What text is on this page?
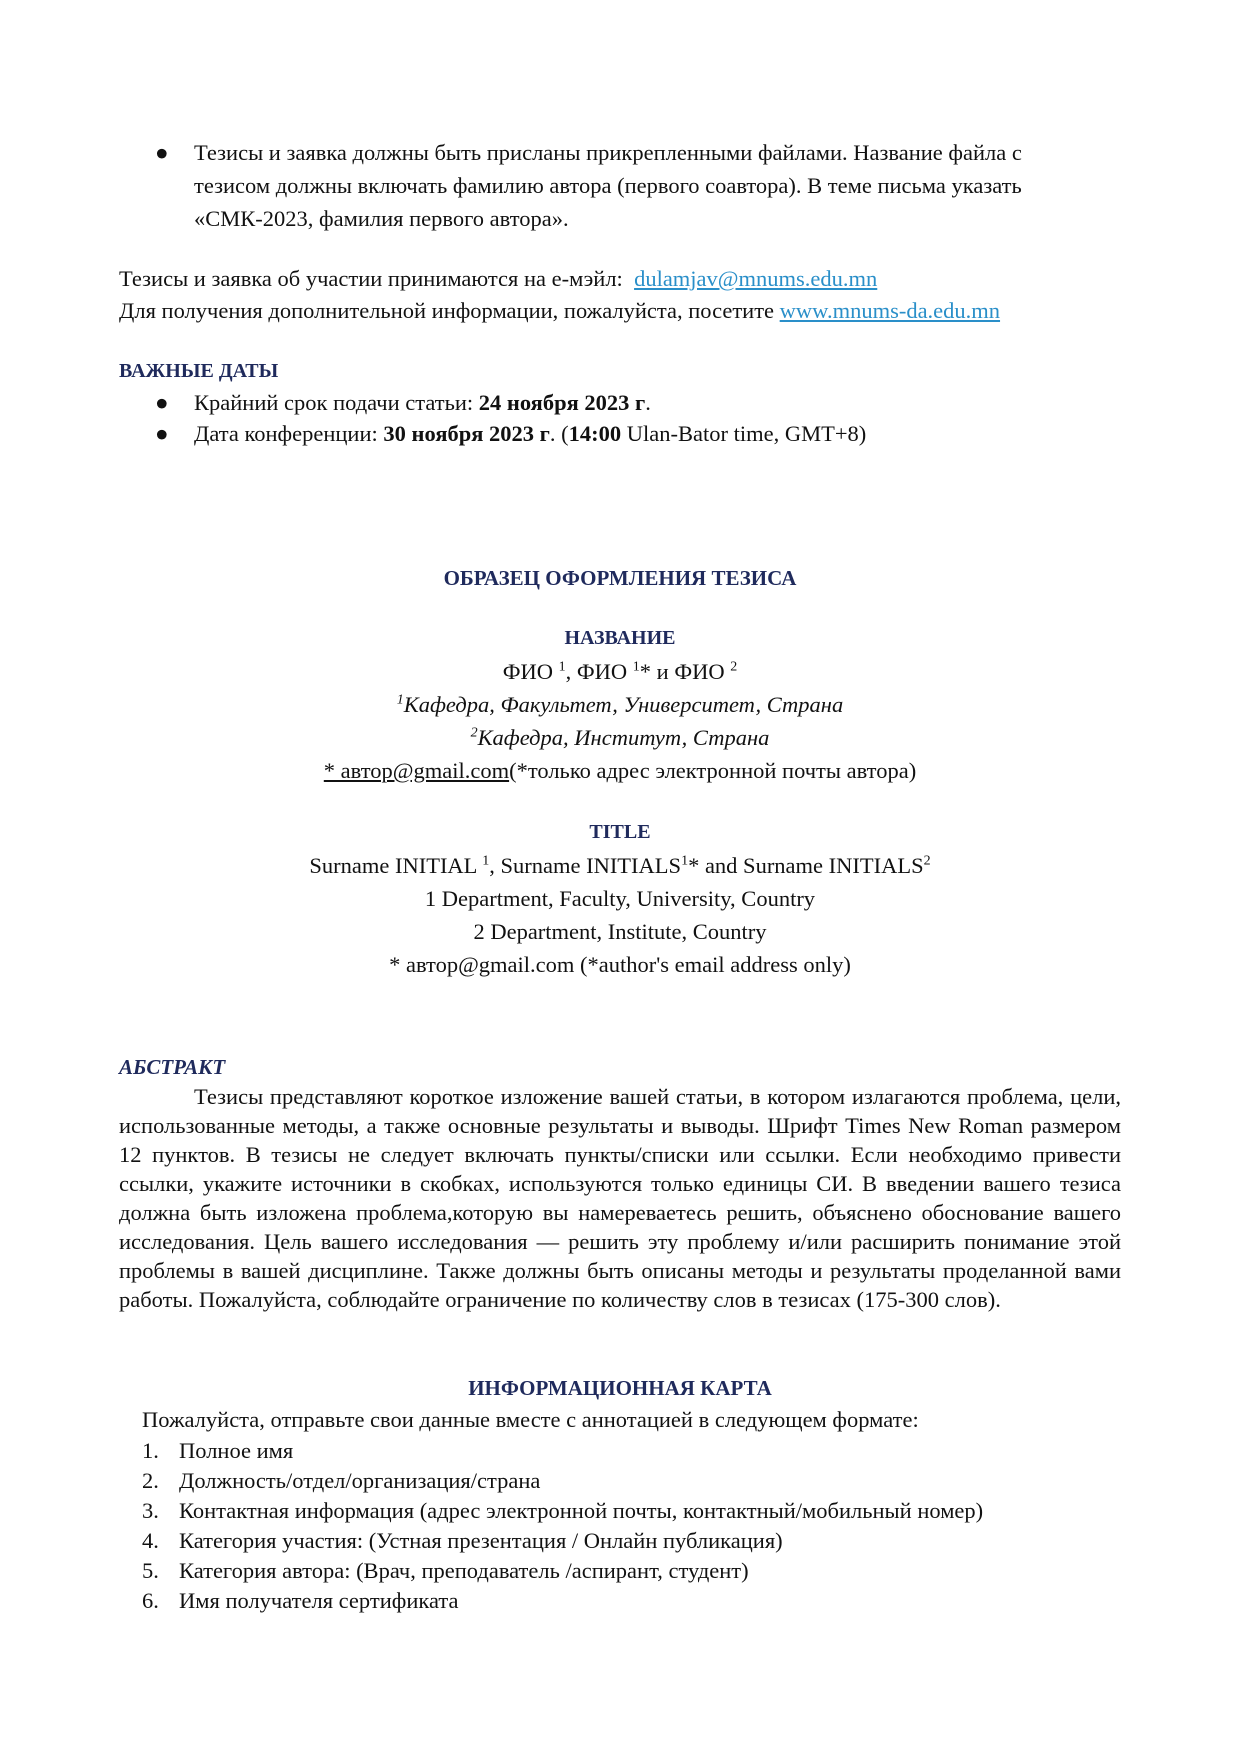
● Тезисы и заявка должны быть присланы прикрепленными файлами. Название файла с

тезисом должны включать фамилию автора (первого соавтора). В теме письма указать

«СМК-2023, фамилия первого автора».

Тезисы и заявка об участии принимаются на е-мэйл: dulamjav@mnums.edu.mn

Для получения дополнительной информации, пожалуйста, посетите www.mnums-da.edu.mn

ВАЖНЫЕ ДАТЫ

● Крайний срок подачи статьи: 24 ноября 2023 г.
● Дата конференции: 30 ноября 2023 г. (14:00 Ulan-Bator time, GMT+8)
ОБРАЗЕЦ ОФОРМЛЕНИЯ ТЕЗИСА

НАЗВАНИЕ

ФИО $^1$, ФИО $^1$* и ФИО $^2$

$^1$Кафедра, Факультет, Университет, Страна

$^2$Кафедра, Институт, Страна

* автор@gmail.com(*только адрес электронной почты автора)

TITLE

Surname INITIAL $^1$, Surname INITIALS$^1$* and Surname INITIALS$^2$

1 Department, Faculty, University, Country

2 Department, Institute, Country

* автор@gmail.com (*author's email address only)

АБСТРАКТ

Тезисы представляют короткое изложение вашей статьи, в котором излагаются проблема, цели, использованные методы, а также основные результаты и выводы. Шрифт Times New Roman размером 12 пунктов. В тезисы не следует включать пункты/списки или ссылки. Если необходимо привести ссылки, укажите источники в скобках, используются только единицы СИ. В введении вашего тезиса должна быть изложена проблема,которую вы намереваетесь решить, объяснено обоснование вашего исследования. Цель вашего исследования — решить эту проблему и/или расширить понимание этой проблемы в вашей дисциплине. Также должны быть описаны методы и результаты проделанной вами работы. Пожалуйста, соблюдайте ограничение по количеству слов в тезисах (175-300 слов).

ИНФОРМАЦИОННАЯ КАРТА

Пожалуйста, отправьте свои данные вместе с аннотацией в следующем формате:

1. Полное имя
2. Должность/отдел/организация/страна
3. Контактная информация (адрес электронной почты, контактный/мобильный номер)
4. Категория участия: (Устная презентация / Онлайн публикация)
5. Категория автора: (Врач, преподаватель /аспирант, студент)
6. Имя получателя сертификата
